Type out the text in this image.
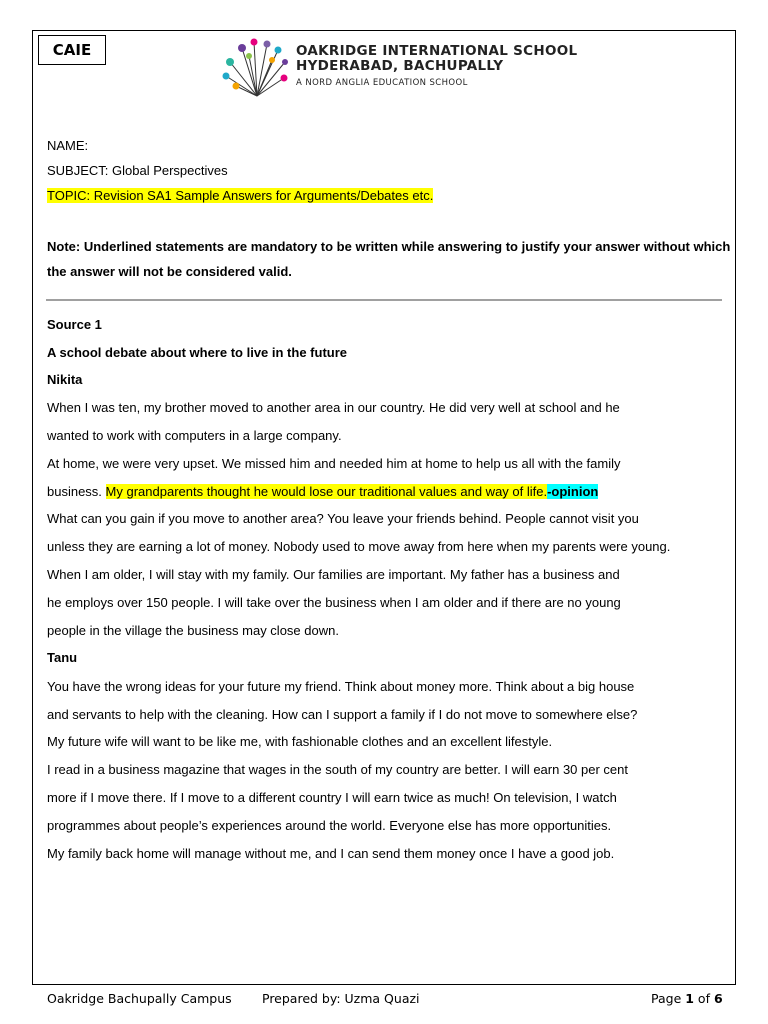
CAIE	OAKRIDGE INTERNATIONAL SCHOOL
HYDERABAD, BACHUPALLY
A NORD ANGLIA EDUCATION SCHOOL
NAME:
SUBJECT: Global Perspectives
TOPIC: Revision SA1 Sample Answers for Arguments/Debates etc.
Note: Underlined statements are mandatory to be written while answering to justify your answer without which
the answer will not be considered valid.
Source 1
A school debate about where to live in the future
Nikita
When I was ten, my brother moved to another area in our country. He did very well at school and he
wanted to work with computers in a large company.
At home, we were very upset. We missed him and needed him at home to help us all with the family
business. My grandparents thought he would lose our traditional values and way of life.-opinion
What can you gain if you move to another area? You leave your friends behind. People cannot visit you
unless they are earning a lot of money. Nobody used to move away from here when my parents were young.
When I am older, I will stay with my family. Our families are important. My father has a business and
he employs over 150 people. I will take over the business when I am older and if there are no young
people in the village the business may close down.
Tanu
You have the wrong ideas for your future my friend. Think about money more. Think about a big house
and servants to help with the cleaning. How can I support a family if I do not move to somewhere else?
My future wife will want to be like me, with fashionable clothes and an excellent lifestyle.
I read in a business magazine that wages in the south of my country are better. I will earn 30 per cent
more if I move there. If I move to a different country I will earn twice as much! On television, I watch
programmes about people’s experiences around the world. Everyone else has more opportunities.
My family back home will manage without me, and I can send them money once I have a good job.
Oakridge Bachupally Campus Prepared by: Uzma Quazi	Page 1 of 6
